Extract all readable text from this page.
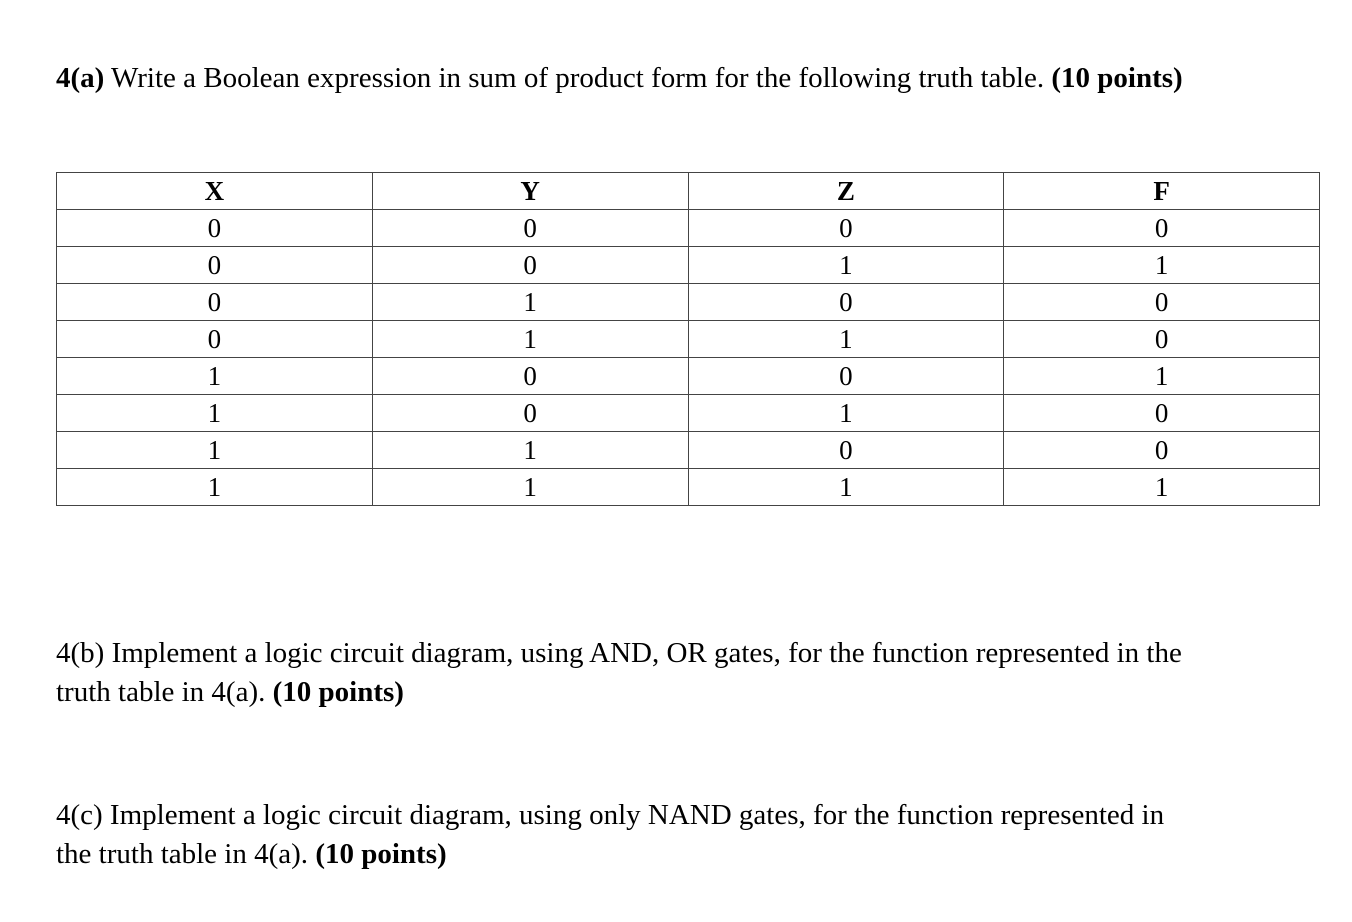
4(a) Write a Boolean expression in sum of product form for the following truth table. (10 points)

X	Y	Z	F
0	0	0	0
0	0	1	1
0	1	0	0
0	1	1	0
1	0	0	1
1	0	1	0
1	1	0	0
1	1	1	1

4(b) Implement a logic circuit diagram, using AND, OR gates, for the function represented in the
truth table in 4(a). (10 points)

4(c) Implement a logic circuit diagram, using only NAND gates, for the function represented in
the truth table in 4(a). (10 points)
